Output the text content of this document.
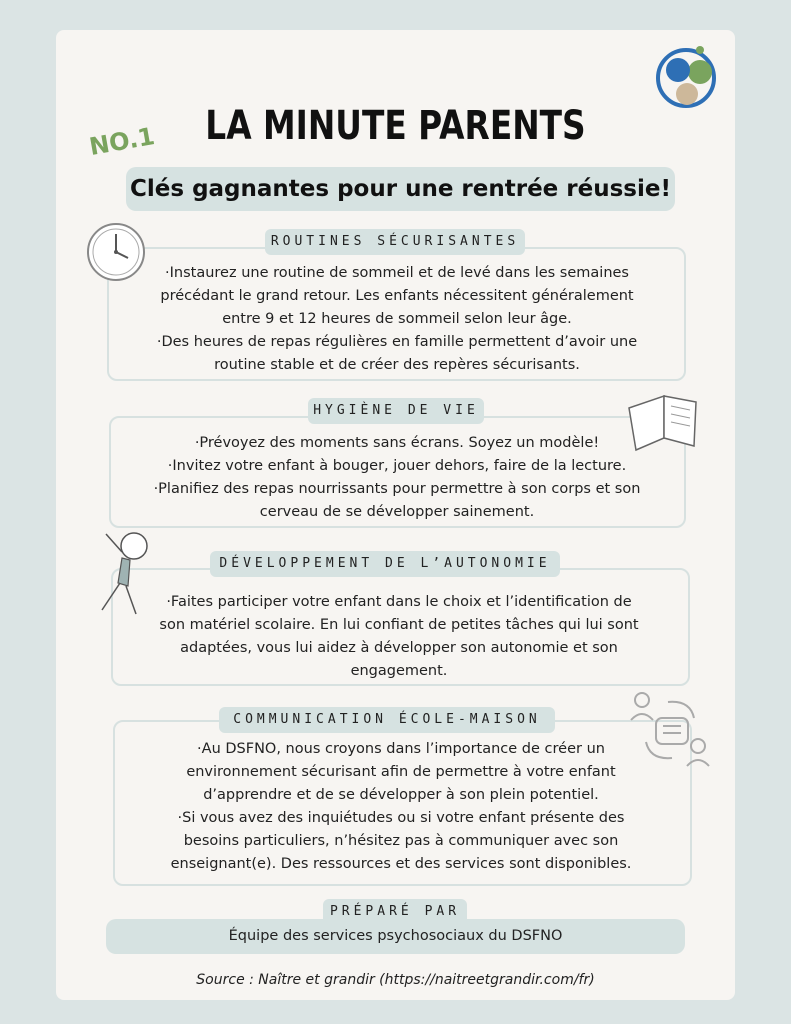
LA MINUTE PARENTS
NO.1
Clés gagnantes pour une rentrée réussie!
ROUTINES SÉCURISANTES

·Instaurez une routine de sommeil et de levé dans les semaines

précédant le grand retour. Les enfants nécessitent généralement

entre 9 et 12 heures de sommeil selon leur âge.

·Des heures de repas régulières en famille permettent d’avoir une

routine stable et de créer des repères sécurisants.

HYGIÈNE DE VIE

·Prévoyez des moments sans écrans. Soyez un modèle!

·Invitez votre enfant à bouger, jouer dehors, faire de la lecture.

·Planifiez des repas nourrissants pour permettre à son corps et son

cerveau de se développer sainement.

DÉVELOPPEMENT DE L’AUTONOMIE

·Faites participer votre enfant dans le choix et l’identification de

son matériel scolaire. En lui confiant de petites tâches qui lui sont

adaptées, vous lui aidez à développer son autonomie et son

engagement.

COMMUNICATION ÉCOLE-MAISON

·Au DSFNO, nous croyons dans l’importance de créer un

environnement sécurisant afin de permettre à votre enfant

d’apprendre et de se développer à son plein potentiel.

·Si vous avez des inquiétudes ou si votre enfant présente des

besoins particuliers, n’hésitez pas à communiquer avec son

enseignant(e). Des ressources et des services sont disponibles.

PRÉPARÉ PAR
Équipe des services psychosociaux du DSFNO
Source : Naître et grandir (https://naitreetgrandir.com/fr)
